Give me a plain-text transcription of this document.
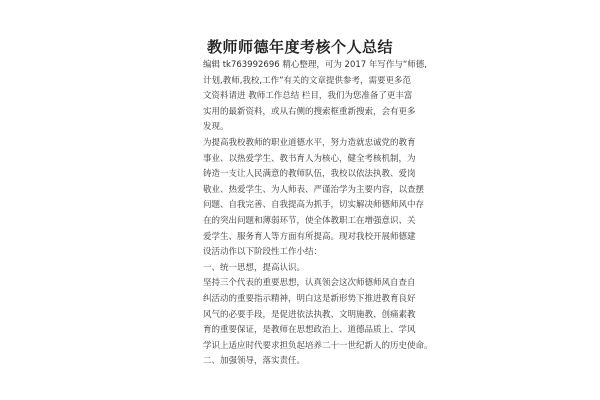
教师师德年度考核个人总结
编辑 tk763992696 精心整理，可为 2017 年写作与“师德,
计划,教师,我校,工作”有关的文章提供参考，需要更多范
文资料请进 教师工作总结 栏目，我们为您准备了更丰富
实用的最新资料，或从右侧的搜索框重新搜索，会有更多
发现。
为提高我校教师的职业道德水平，努力造就忠诚党的教育
事业、以热爱学生、教书育人为核心，健全考核机制，为
铸造一支让人民满意的教师队伍，我校以依法执教、爱岗
敬业、热爱学生、为人师表、严谨治学为主要内容，以查摆
问题、自我完善、自我提高为抓手，切实解决师德师风中存
在的突出问题和薄弱环节，使全体教职工在增强意识、关
爱学生、服务育人等方面有所提高。现对我校开展师德建
设活动作以下阶段性工作小结：
一、统一思想，提高认识。
坚持三个代表的重要思想，认真领会这次师德师风自查自
纠活动的重要指示精神，明白这是新形势下推进教育良好
风气的必要手段，是促进依法执教、文明施教、创痛素教
育的重要保证，是教师在思想政治上、道德品质上、学风
学识上适应时代要求担负起培养二十一世纪新人的历史使命。
二、加强领导，落实责任。
